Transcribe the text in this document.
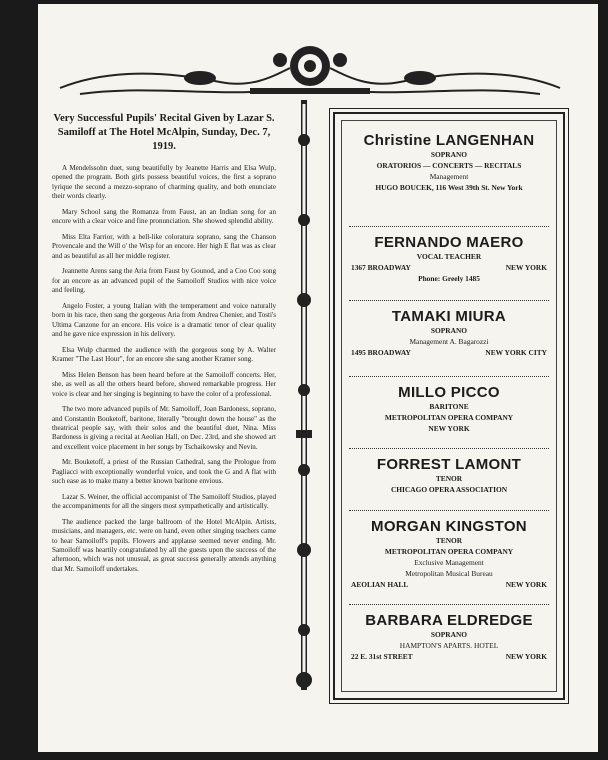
Very Successful Pupils' Recital Given by Lazar S. Samiloff at The Hotel McAlpin, Sunday, Dec. 7, 1919.

A Mendelssohn duet, sung beautifully by Jeanette Harris and Elsa Wulp, opened the program. Both girls possess beautiful voices, the first a soprano lyrique the second a mezzo-soprano of charming quality, and both enunciate their words clearly.

Mary School sang the Romanza from Faust, an an Indian song for an encore with a clear voice and fine pronunciation. She showed splendid ability.

Miss Elta Farrior, with a bell-like coloratura soprano, sang the Chanson Provencale and the Will o' the Wisp for an encore. Her high E flat was as clear and as beautiful as all her middle register.

Jeannette Arens sang the Aria from Faust by Gounod, and a Coo Coo song for an encore as an advanced pupil of the Samoiloff Studios with nice voice and feeling.

Angelo Foster, a young Italian with the temperament and voice naturally born in his race, then sang the gorgeous Aria from Andrea Chenier, and Tosti's Ultima Canzone for an encore. His voice is a dramatic tenor of clear quality and he gave nice expression in his delivery.

Elsa Wulp charmed the audience with the gorgeous song by A. Walter Kramer "The Last Hour", for an encore she sang another Kramer song.

Miss Helen Benson has been heard before at the Samoiloff concerts. Her, she, as well as all the others heard before, showed remarkable progress. Her voice is clear and her singing is beginning to have the color of a professional.

The two more advanced pupils of Mr. Samoiloff, Joan Bardoness, soprano, and Constantin Bouketoff, baritone, literally "brought down the house" as the theatrical people say, with their solos and the beautiful duet, Nina. Miss Bardoness is giving a recital at Aeolian Hall, on Dec. 23rd, and she showed art and excellent voice placement in her songs by Tschaikowsky and Nevin.

Mr. Bouketoff, a priest of the Russian Cathedral, sang the Prologue from Pagliacci with exceptionally wonderful voice, and took the G and A flat with such ease as to make many a better known baritone envious.

Lazar S. Weiner, the official accompanist of The Samoiloff Studios, played the accompaniments for all the singers most sympathetically and artistically.

The audience packed the large ballroom of the Hotel McAlpin. Artists, musicians, and managers, etc. were on hand, even other singing teachers came to hear Samoiloff's pupils. Flowers and applause seemed never ending. Mr. Samoiloff was heartily congratulated by all the guests upon the success of the afternoon, which was not unusual, as great success generally attends anything that Mr. Samoiloff undertakes.

Christine LANGENHAN
SOPRANO
ORATORIOS — CONCERTS — RECITALS
Management
HUGO BOUCEK, 116 West 39th St. New York
FERNANDO MAERO
VOCAL TEACHER
1367 BROADWAY	NEW YORK
Phone: Greely 1485
TAMAKI MIURA
SOPRANO
Management A. Bagarozzi
1495 BROADWAY	NEW YORK CITY
MILLO PICCO
BARITONE
METROPOLITAN OPERA COMPANY
NEW YORK
FORREST LAMONT
TENOR
CHICAGO OPERA ASSOCIATION
MORGAN KINGSTON
TENOR
METROPOLITAN OPERA COMPANY
Exclusive Management
Metropolitan Musical Bureau
AEOLIAN HALL	NEW YORK
BARBARA ELDREDGE
SOPRANO
HAMPTON'S APARTS. HOTEL
22 E. 31st STREET	NEW YORK
